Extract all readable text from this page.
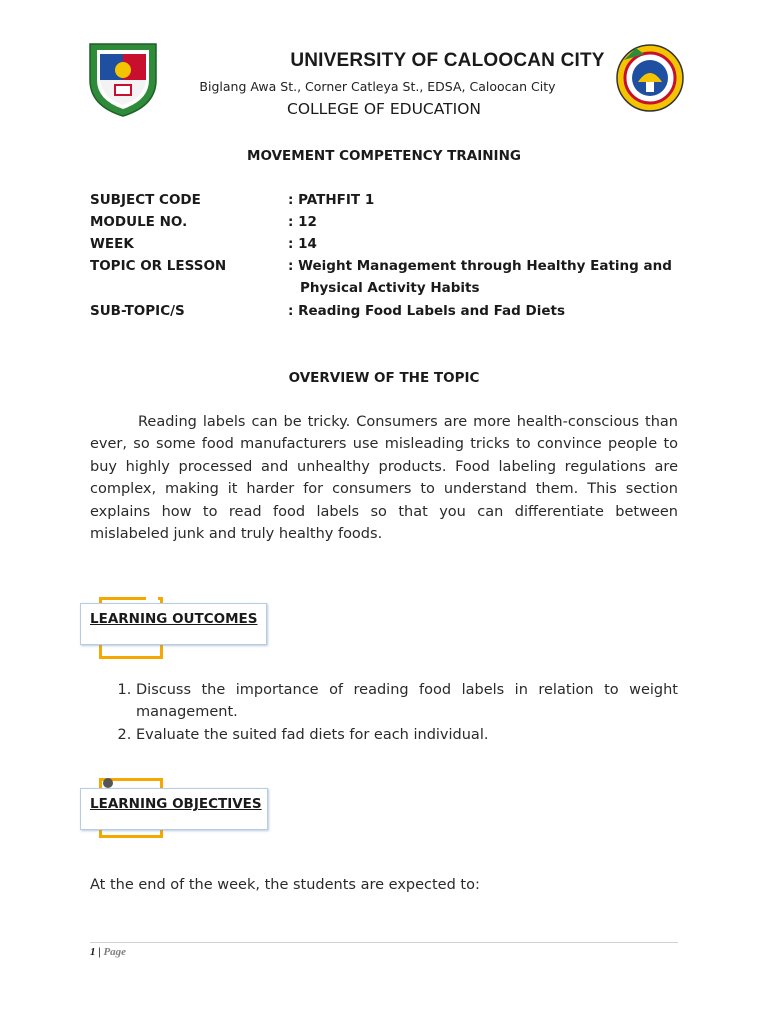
UNIVERSITY OF CALOOCAN CITY
Biglang Awa St., Corner Catleya St., EDSA, Caloocan City
COLLEGE OF EDUCATION
MOVEMENT COMPETENCY TRAINING
SUBJECT CODE	: PATHFIT 1
MODULE NO.	: 12
WEEK	: 14
TOPIC OR LESSON	: Weight Management through Healthy Eating and
Physical Activity Habits
SUB-TOPIC/S	: Reading Food Labels and Fad Diets
OVERVIEW OF THE TOPIC
Reading labels can be tricky. Consumers are more health-conscious than ever, so some food manufacturers use misleading tricks to convince people to buy highly processed and unhealthy products. Food labeling regulations are complex, making it harder for consumers to understand them. This section explains how to read food labels so that you can differentiate between mislabeled junk and truly healthy foods.
LEARNING OUTCOMES
1. Discuss the importance of reading food labels in relation to weight management.
2. Evaluate the suited fad diets for each individual.
LEARNING OBJECTIVES
At the end of the week, the students are expected to:
1 | Page
